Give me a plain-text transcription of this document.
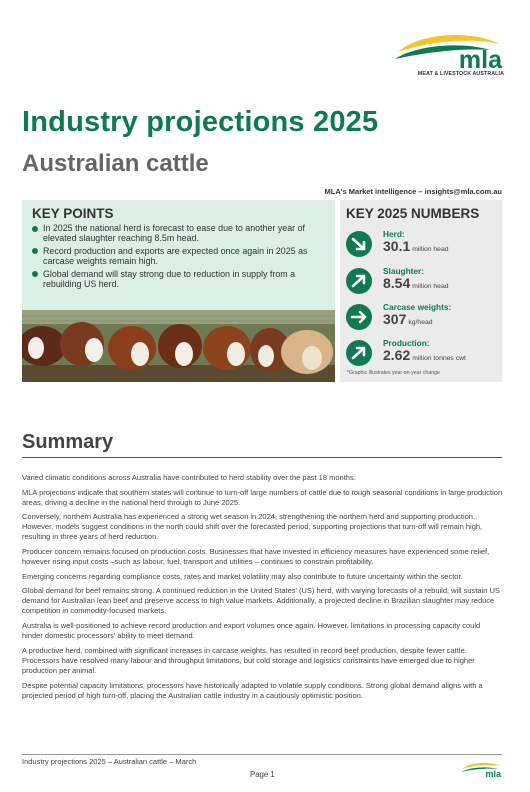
mla
MEAT & LIVESTOCK AUSTRALIA
Industry projections 2025
Australian cattle
MLA's Market intelligence – insights@mla.com.au
KEY POINTS
In 2025 the national herd is forecast to ease due to another year of elevated slaughter reaching 8.5m head.
Record production and exports are expected once again in 2025 as carcase weights remain high.
Global demand will stay strong due to reduction in supply from a rebuilding US herd.
KEY 2025 NUMBERS
Herd:
30.1 million head
Slaughter:
8.54 million head
Carcase weights:
307 kg/head
Production:
2.62 million tonnes cwt
*Graphic illustrates year-on-year change
Summary

Varied climatic conditions across Australia have contributed to herd stability over the past 18 months.

MLA projections indicate that southern states will continue to turn-off large numbers of cattle due to tough seasonal conditions in large production areas, driving a decline in the national herd through to June 2025.

Conversely, northern Australia has experienced a strong wet season in 2024, strengthening the northern herd and supporting production.. However, models suggest conditions in the north could shift over the forecasted period, supporting projections that turn-off will remain high, resulting in three years of herd reduction.

Producer concern remains focused on production costs. Businesses that have invested in efficiency measures have experienced some relief, however rising input costs –such as labour, fuel, transport and utilities – continues to constrain profitability.

Emerging concerns regarding compliance costs, rates and market volatility may also contribute to future uncertainty within the sector.

Global demand for beef remains strong. A continued reduction in the United States' (US) herd, with varying forecasts of a rebuild, will sustain US demand for Australian lean beef and preserve access to high value markets. Additionally, a projected decline in Brazilian slaughter may reduce competition in commodity-focused markets.

Australia is well-positioned to achieve record production and export volumes once again. However, limitations in processing capacity could hinder domestic processors' ability to meet demand.

A productive herd, combined with significant increases in carcase weights, has resulted in record beef production, despite fewer cattle. Processors have resolved many labour and throughput limitations, but cold storage and logistics constraints have emerged due to higher production per animal.

Despite potential capacity limitations, processors have historically adapted to volatile supply conditions. Strong global demand aligns with a projected period of high turn-off, placing the Australian cattle industry in a cautiously optimistic position.

Industry projections 2025 – Australian cattle – March
Page 1	mla
